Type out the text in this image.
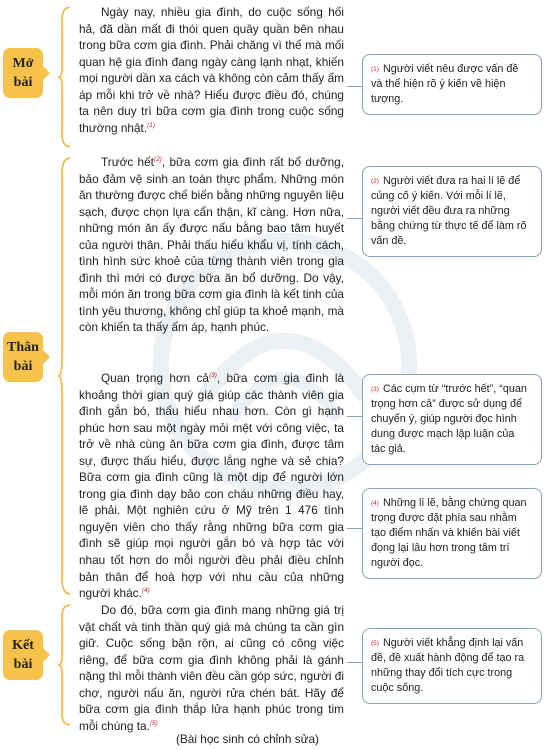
Mở
bài
Thân
bài
Kết
bài

Ngày nay, nhiều gia đình, do cuộc sống hối hả, đã dần mất đi thói quen quây quần bên nhau trong bữa cơm gia đình. Phải chăng vì thế mà mối quan hệ gia đình đang ngày càng lạnh nhạt, khiến mọi người dần xa cách và không còn cảm thấy ấm áp mỗi khi trở về nhà? Hiểu được điều đó, chúng ta nên duy trì bữa cơm gia đình trong cuộc sống thường nhật.$^{(1)}$

Trước hết$^{(2)}$, bữa cơm gia đình rất bổ dưỡng, bảo đảm vệ sinh an toàn thực phẩm. Những món ăn thường được chế biến bằng những nguyên liệu sạch, được chọn lựa cẩn thận, kĩ càng. Hơn nữa, những món ăn ấy được nấu bằng bao tâm huyết của người thân. Phải thấu hiểu khẩu vị, tính cách, tình hình sức khoẻ của từng thành viên trong gia đình thì mới có được bữa ăn bổ dưỡng. Do vậy, mỗi món ăn trong bữa cơm gia đình là kết tinh của tình yêu thương, không chỉ giúp ta khoẻ mạnh, mà còn khiến ta thấy ấm áp, hạnh phúc.

Quan trọng hơn cả$^{(3)}$, bữa cơm gia đình là khoảng thời gian quý giá giúp các thành viên gia đình gắn bó, thấu hiểu nhau hơn. Còn gì hạnh phúc hơn sau một ngày mỏi mệt với công việc, ta trở về nhà cùng ăn bữa cơm gia đình, được tâm sự, được thấu hiểu, được lắng nghe và sẻ chia? Bữa cơm gia đình cũng là một dịp để người lớn trong gia đình dạy bảo con cháu những điều hay, lẽ phải. Một nghiên cứu ở Mỹ trên 1 476 tình nguyện viên cho thấy rằng những bữa cơm gia đình sẽ giúp mọi người gắn bó và hợp tác với nhau tốt hơn do mỗi người đều phải điều chỉnh bản thân để hoà hợp với nhu cầu của những người khác.$^{(4)}$

Do đó, bữa cơm gia đình mang những giá trị vật chất và tinh thần quý giá mà chúng ta cần gìn giữ. Cuộc sống bận rộn, ai cũng có công việc riêng, để bữa cơm gia đình không phải là gánh nặng thì mỗi thành viên đều cần góp sức, người đi chợ, người nấu ăn, người rửa chén bát. Hãy để bữa cơm gia đình thắp lửa hạnh phúc trong tim mỗi chúng ta.$^{(5)}$

(Bài học sinh có chỉnh sửa)
$^{(1)}$ Người viết nêu được vấn đề và thể hiện rõ ý kiến về hiện tượng.
$^{(2)}$ Người viết đưa ra hai lí lẽ để củng cố ý kiến. Với mỗi lí lẽ, người viết đều đưa ra những bằng chứng từ thực tế để làm rõ vấn đề.
$^{(3)}$ Các cụm từ “trước hết”, “quan trọng hơn cả” được sử dụng để chuyển ý, giúp người đọc hình dung được mạch lập luận của tác giả.
$^{(4)}$ Những lí lẽ, bằng chứng quan trọng được đặt phía sau nhằm tạo điểm nhấn và khiến bài viết đọng lại lâu hơn trong tâm trí người đọc.
$^{(5)}$ Người viết khẳng định lại vấn đề, đề xuất hành động để tạo ra những thay đổi tích cực trong cuộc sống.
